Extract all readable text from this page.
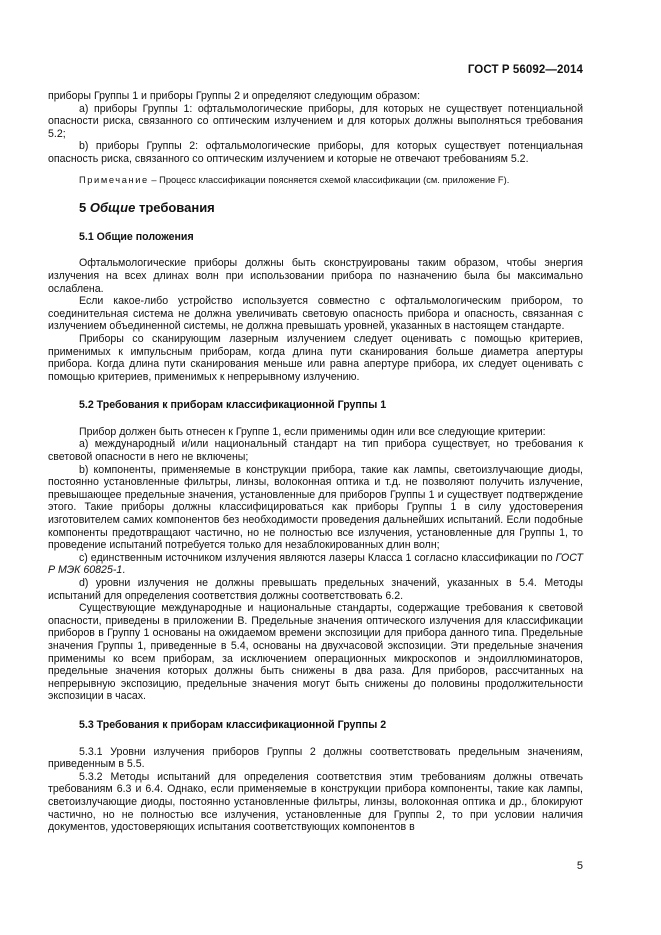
ГОСТ Р 56092—2014

приборы Группы 1 и приборы Группы 2 и определяют следующим образом:

а) приборы Группы 1: офтальмологические приборы, для которых не существует потенциальной опасности риска, связанного со оптическим излучением и для которых должны выполняться требования 5.2;

b) приборы Группы 2: офтальмологические приборы, для которых существует потенциальная опасность риска, связанного со оптическим излучением и которые не отвечают требованиям 5.2.

Примечание – Процесс классификации поясняется схемой классификации (см. приложение F).

5 Общие требования

5.1 Общие положения

Офтальмологические приборы должны быть сконструированы таким образом, чтобы энергия излучения на всех длинах волн при использовании прибора по назначению была бы максимально ослаблена.

Если какое-либо устройство используется совместно с офтальмологическим прибором, то соединительная система не должна увеличивать световую опасность прибора и опасность, связанная с излучением объединенной системы, не должна превышать уровней, указанных в настоящем стандарте.

Приборы со сканирующим лазерным излучением следует оценивать с помощью критериев, применимых к импульсным приборам, когда длина пути сканирования больше диаметра апертуры прибора. Когда длина пути сканирования меньше или равна апертуре прибора, их следует оценивать с помощью критериев, применимых к непрерывному излучению.

5.2 Требования к приборам классификационной Группы 1

Прибор должен быть отнесен к Группе 1, если применимы один или все следующие критерии:

а) международный и/или национальный стандарт на тип прибора существует, но требования к световой опасности в него не включены;

b) компоненты, применяемые в конструкции прибора, такие как лампы, светоизлучающие диоды, постоянно установленные фильтры, линзы, волоконная оптика и т.д. не позволяют получить излучение, превышающее предельные значения, установленные для приборов Группы 1 и существует подтверждение этого. Такие приборы должны классифицироваться как приборы Группы 1 в силу удостоверения изготовителем самих компонентов без необходимости проведения дальнейших испытаний. Если подобные компоненты предотвращают частично, но не полностью все излучения, установленные для Группы 1, то проведение испытаний потребуется только для незаблокированных длин волн;

с) единственным источником излучения являются лазеры Класса 1 согласно классификации по ГОСТ Р МЭК 60825-1.

d) уровни излучения не должны превышать предельных значений, указанных в 5.4. Методы испытаний для определения соответствия должны соответствовать 6.2.

Существующие международные и национальные стандарты, содержащие требования к световой опасности, приведены в приложении В. Предельные значения оптического излучения для классификации приборов в Группу 1 основаны на ожидаемом времени экспозиции для прибора данного типа. Предельные значения Группы 1, приведенные в 5.4, основаны на двухчасовой экспозиции. Эти предельные значения применимы ко всем приборам, за исключением операционных микроскопов и эндоиллюминаторов, предельные значения которых должны быть снижены в два раза. Для приборов, рассчитанных на непрерывную экспозицию, предельные значения могут быть снижены до половины продолжительности экспозиции в часах.

5.3 Требования к приборам классификационной Группы 2

5.3.1 Уровни излучения приборов Группы 2 должны соответствовать предельным значениям, приведенным в 5.5.

5.3.2 Методы испытаний для определения соответствия этим требованиям должны отвечать требованиям 6.3 и 6.4. Однако, если применяемые в конструкции прибора компоненты, такие как лампы, светоизлучающие диоды, постоянно установленные фильтры, линзы, волоконная оптика и др., блокируют частично, но не полностью все излучения, установленные для Группы 2, то при условии наличия документов, удостоверяющих испытания соответствующих компонентов в

5
